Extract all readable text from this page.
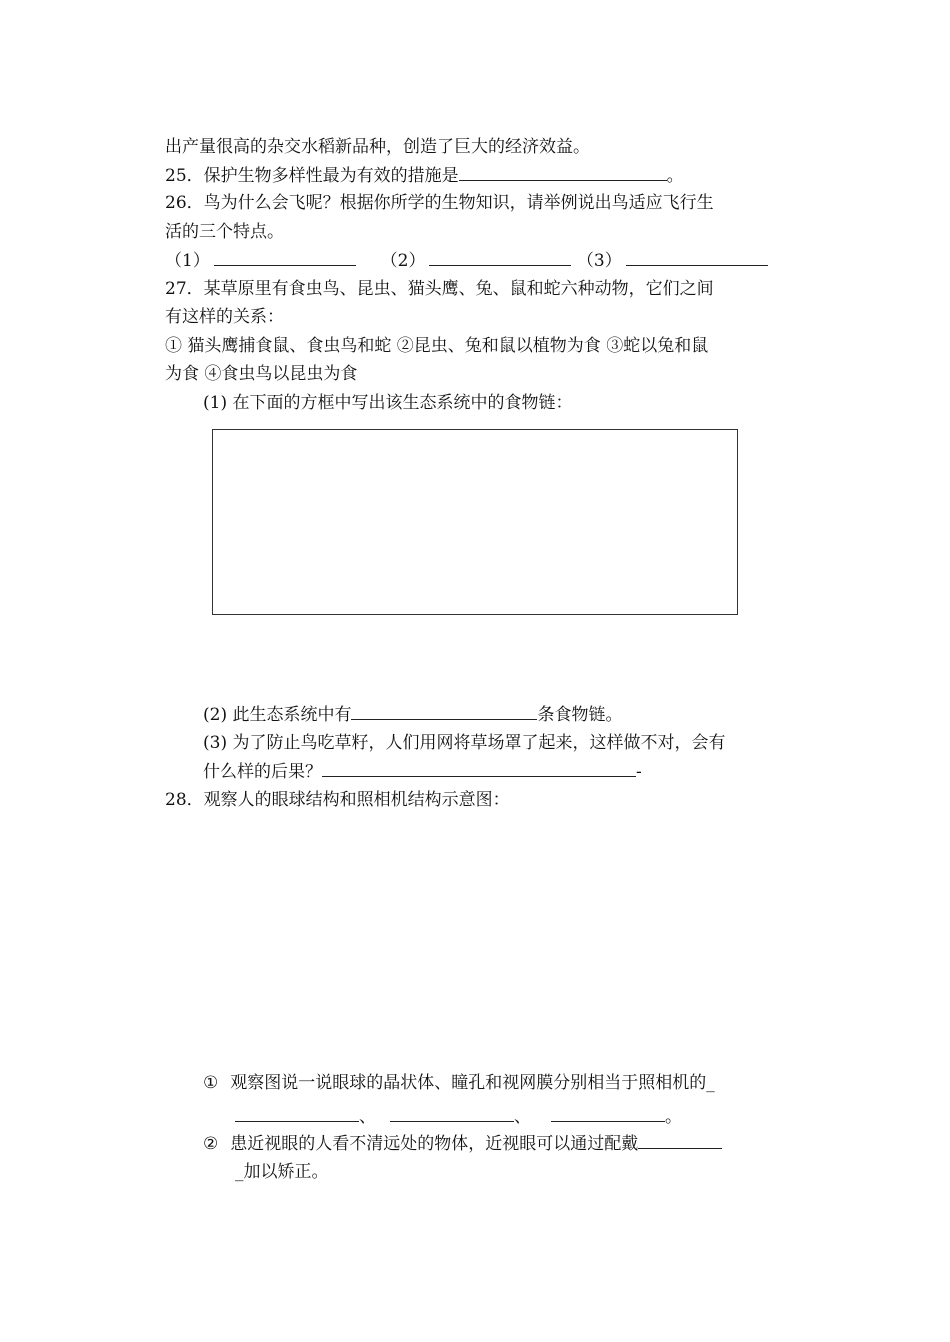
出产量很高的杂交水稻新品种，创造了巨大的经济效益。
25．保护生物多样性最为有效的措施是	。
26．鸟为什么会飞呢？根据你所学的生物知识，请举例说出鸟适应飞行生
活的三个特点。
（1）	（2）	（3）
27．某草原里有食虫鸟、昆虫、猫头鹰、兔、鼠和蛇六种动物，它们之间
有这样的关系：
① 猫头鹰捕食鼠、食虫鸟和蛇 ②昆虫、兔和鼠以植物为食 ③蛇以兔和鼠
为食 ④食虫鸟以昆虫为食
(1) 在下面的方框中写出该生态系统中的食物链：
(2) 此生态系统中有	条食物链。
(3) 为了防止鸟吃草籽，人们用网将草场罩了起来，这样做不对，会有
什么样的后果？	-
28．观察人的眼球结构和照相机结构示意图：
① 观察图说一说眼球的晶状体、瞳孔和视网膜分别相当于照相机的_
、	、	。
② 患近视眼的人看不清远处的物体，近视眼可以通过配戴
_加以矫正。
